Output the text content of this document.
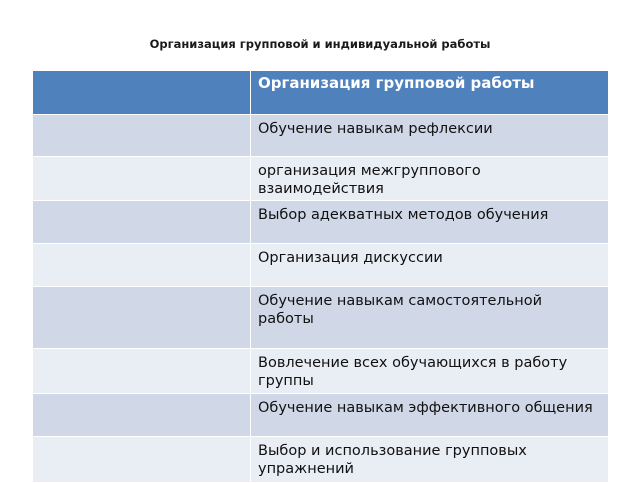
Организация групповой и индивидуальной работы
	Организация групповой работы
	Обучение навыкам рефлексии
	организация межгруппового взаимодействия
	Выбор адекватных методов обучения
	Организация дискуссии
	Обучение навыкам самостоятельной работы
	Вовлечение всех обучающихся в работу группы
	Обучение навыкам эффективного общения
	Выбор и использование групповых упражнений
